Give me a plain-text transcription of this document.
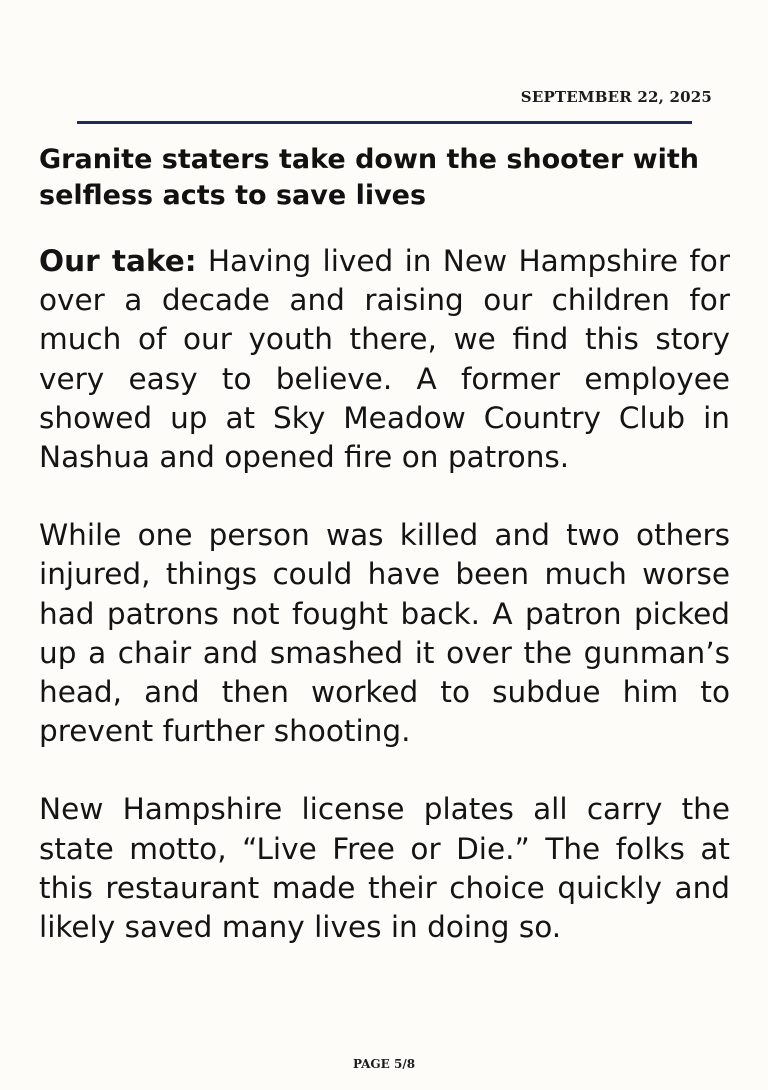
SEPTEMBER 22, 2025

Granite staters take down the shooter with selfless acts to save lives

Our take: Having lived in New Hampshire for over a decade and raising our children for much of our youth there, we find this story very easy to believe. A former employee showed up at Sky Meadow Country Club in Nashua and opened fire on patrons.

While one person was killed and two others injured, things could have been much worse had patrons not fought back. A patron picked up a chair and smashed it over the gunman’s head, and then worked to subdue him to prevent further shooting.

New Hampshire license plates all carry the state motto, “Live Free or Die.” The folks at this restaurant made their choice quickly and likely saved many lives in doing so.

PAGE 5/8
